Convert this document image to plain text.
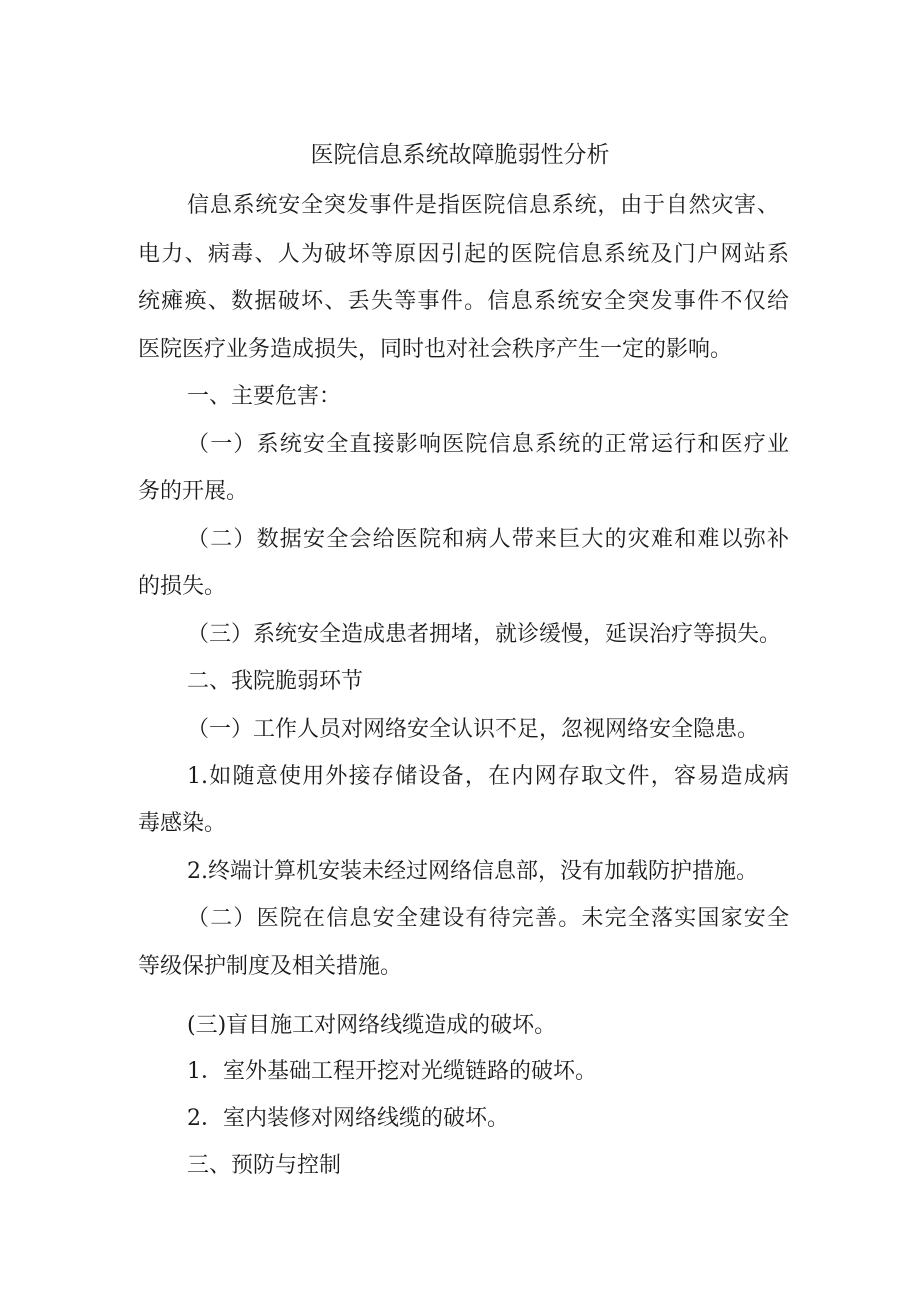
医院信息系统故障脆弱性分析

信息系统安全突发事件是指医院信息系统，由于自然灾害、

电力、病毒、人为破坏等原因引起的医院信息系统及门户网站系

统瘫痪、数据破坏、丢失等事件。信息系统安全突发事件不仅给

医院医疗业务造成损失，同时也对社会秩序产生一定的影响。

一、主要危害：

（一）系统安全直接影响医院信息系统的正常运行和医疗业

务的开展。

（二）数据安全会给医院和病人带来巨大的灾难和难以弥补

的损失。

（三）系统安全造成患者拥堵，就诊缓慢，延误治疗等损失。

二、我院脆弱环节

（一）工作人员对网络安全认识不足，忽视网络安全隐患。

1.如随意使用外接存储设备，在内网存取文件，容易造成病

毒感染。

2.终端计算机安装未经过网络信息部，没有加载防护措施。

（二）医院在信息安全建设有待完善。未完全落实国家安全

等级保护制度及相关措施。

(三)盲目施工对网络线缆造成的破坏。

1．室外基础工程开挖对光缆链路的破坏。

2．室内装修对网络线缆的破坏。

三、预防与控制
